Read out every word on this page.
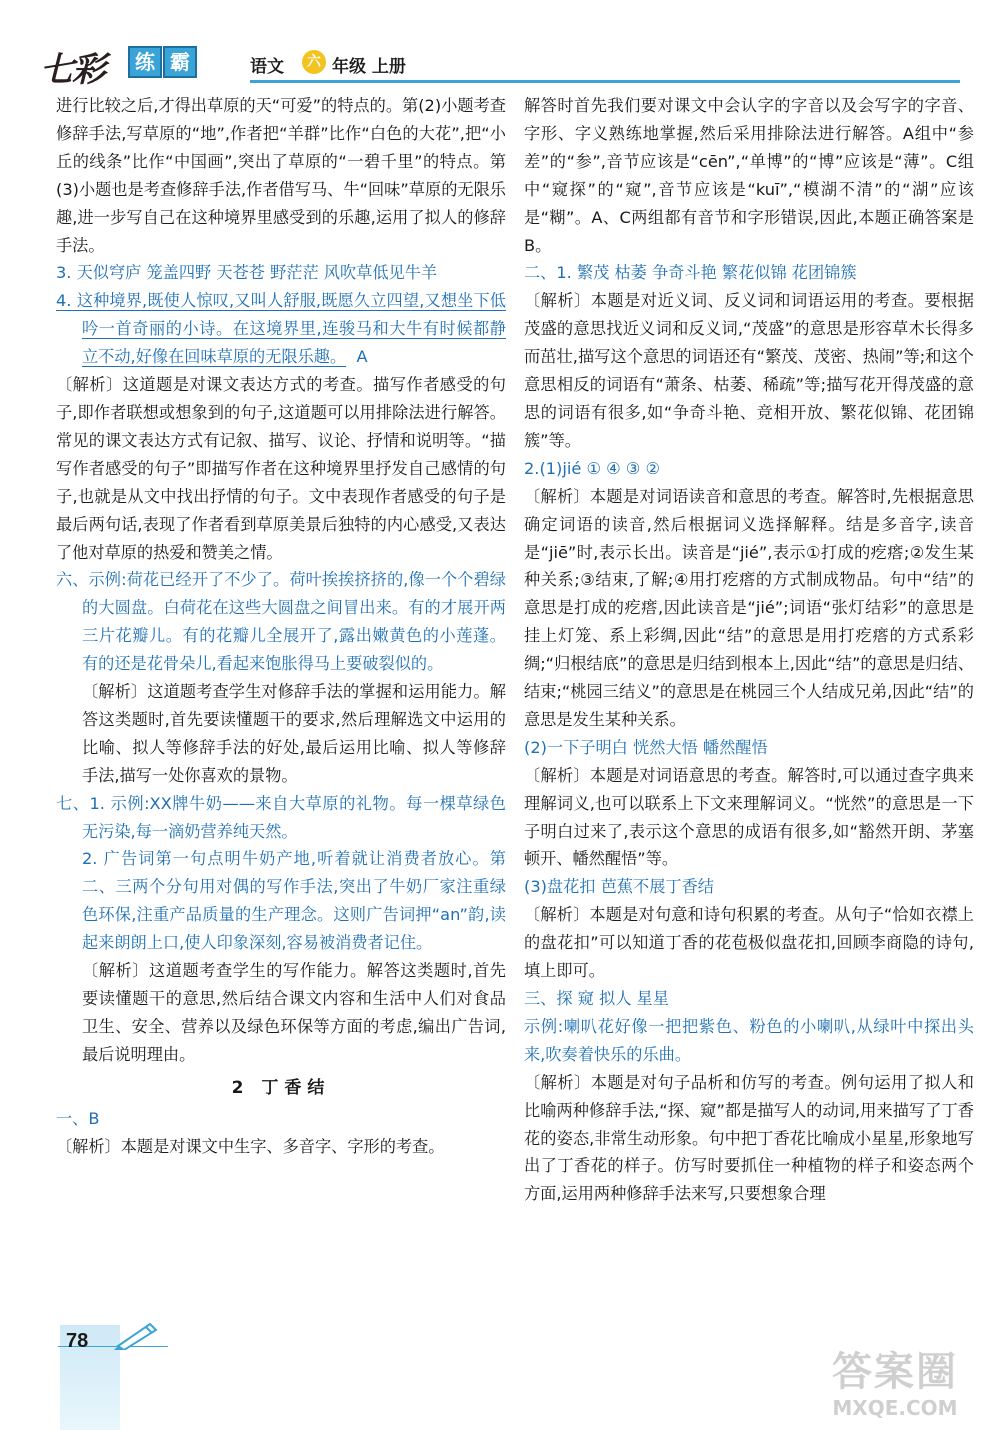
七彩	练 霸	语文	六 年级 上册

进行比较之后,才得出草原的天“可爱”的特点的。第(2)小题考查修辞手法,写草原的“地”,作者把“羊群”比作“白色的大花”,把“小丘的线条”比作“中国画”,突出了草原的“一碧千里”的特点。第(3)小题也是考查修辞手法,作者借写马、牛“回味”草原的无限乐趣,进一步写自己在这种境界里感受到的乐趣,运用了拟人的修辞手法。

3. 天似穹庐 笼盖四野 天苍苍 野茫茫 风吹草低见牛羊

4. 这种境界,既使人惊叹,又叫人舒服,既愿久立四望,又想坐下低吟一首奇丽的小诗。在这境界里,连骏马和大牛有时候都静立不动,好像在回味草原的无限乐趣。 A

〔解析〕这道题是对课文表达方式的考查。描写作者感受的句子,即作者联想或想象到的句子,这道题可以用排除法进行解答。常见的课文表达方式有记叙、描写、议论、抒情和说明等。“描写作者感受的句子”即描写作者在这种境界里抒发自己感情的句子,也就是从文中找出抒情的句子。文中表现作者感受的句子是最后两句话,表现了作者看到草原美景后独特的内心感受,又表达了他对草原的热爱和赞美之情。

六、示例:荷花已经开了不少了。荷叶挨挨挤挤的,像一个个碧绿的大圆盘。白荷花在这些大圆盘之间冒出来。有的才展开两三片花瓣儿。有的花瓣儿全展开了,露出嫩黄色的小莲蓬。有的还是花骨朵儿,看起来饱胀得马上要破裂似的。

〔解析〕这道题考查学生对修辞手法的掌握和运用能力。解答这类题时,首先要读懂题干的要求,然后理解选文中运用的比喻、拟人等修辞手法的好处,最后运用比喻、拟人等修辞手法,描写一处你喜欢的景物。

七、1. 示例:XX牌牛奶——来自大草原的礼物。每一棵草绿色无污染,每一滴奶营养纯天然。

2. 广告词第一句点明牛奶产地,听着就让消费者放心。第二、三两个分句用对偶的写作手法,突出了牛奶厂家注重绿色环保,注重产品质量的生产理念。这则广告词押“an”韵,读起来朗朗上口,使人印象深刻,容易被消费者记住。

〔解析〕这道题考查学生的写作能力。解答这类题时,首先要读懂题干的意思,然后结合课文内容和生活中人们对食品卫生、安全、营养以及绿色环保等方面的考虑,编出广告词,最后说明理由。

2 丁香结

一、B

〔解析〕本题是对课文中生字、多音字、字形的考查。

解答时首先我们要对课文中会认字的字音以及会写字的字音、字形、字义熟练地掌握,然后采用排除法进行解答。A组中“参差”的“参”,音节应该是“cēn”,“单博”的“博”应该是“薄”。C组中“窥探”的“窥”,音节应该是“kuī”,“模湖不清”的“湖”应该是“糊”。A、C两组都有音节和字形错误,因此,本题正确答案是B。

二、1. 繁茂 枯萎 争奇斗艳 繁花似锦 花团锦簇

〔解析〕本题是对近义词、反义词和词语运用的考查。要根据茂盛的意思找近义词和反义词,“茂盛”的意思是形容草木长得多而茁壮,描写这个意思的词语还有“繁茂、茂密、热闹”等;和这个意思相反的词语有“萧条、枯萎、稀疏”等;描写花开得茂盛的意思的词语有很多,如“争奇斗艳、竞相开放、繁花似锦、花团锦簇”等。

2.(1)jié ① ④ ③ ②

〔解析〕本题是对词语读音和意思的考查。解答时,先根据意思确定词语的读音,然后根据词义选择解释。结是多音字,读音是“jiē”时,表示长出。读音是“jié”,表示①打成的疙瘩;②发生某种关系;③结束,了解;④用打疙瘩的方式制成物品。句中“结”的意思是打成的疙瘩,因此读音是“jié”;词语“张灯结彩”的意思是挂上灯笼、系上彩绸,因此“结”的意思是用打疙瘩的方式系彩绸;“归根结底”的意思是归结到根本上,因此“结”的意思是归结、结束;“桃园三结义”的意思是在桃园三个人结成兄弟,因此“结”的意思是发生某种关系。

(2)一下子明白 恍然大悟 幡然醒悟

〔解析〕本题是对词语意思的考查。解答时,可以通过查字典来理解词义,也可以联系上下文来理解词义。“恍然”的意思是一下子明白过来了,表示这个意思的成语有很多,如“豁然开朗、茅塞顿开、幡然醒悟”等。

(3)盘花扣 芭蕉不展丁香结

〔解析〕本题是对句意和诗句积累的考查。从句子“恰如衣襟上的盘花扣”可以知道丁香的花苞极似盘花扣,回顾李商隐的诗句,填上即可。

三、探 窥 拟人 星星

示例:喇叭花好像一把把紫色、粉色的小喇叭,从绿叶中探出头来,吹奏着快乐的乐曲。

〔解析〕本题是对句子品析和仿写的考查。例句运用了拟人和比喻两种修辞手法,“探、窥”都是描写人的动词,用来描写了丁香花的姿态,非常生动形象。句中把丁香花比喻成小星星,形象地写出了丁香花的样子。仿写时要抓住一种植物的样子和姿态两个方面,运用两种修辞手法来写,只要想象合理

78
答案圈
MXQE.COM
